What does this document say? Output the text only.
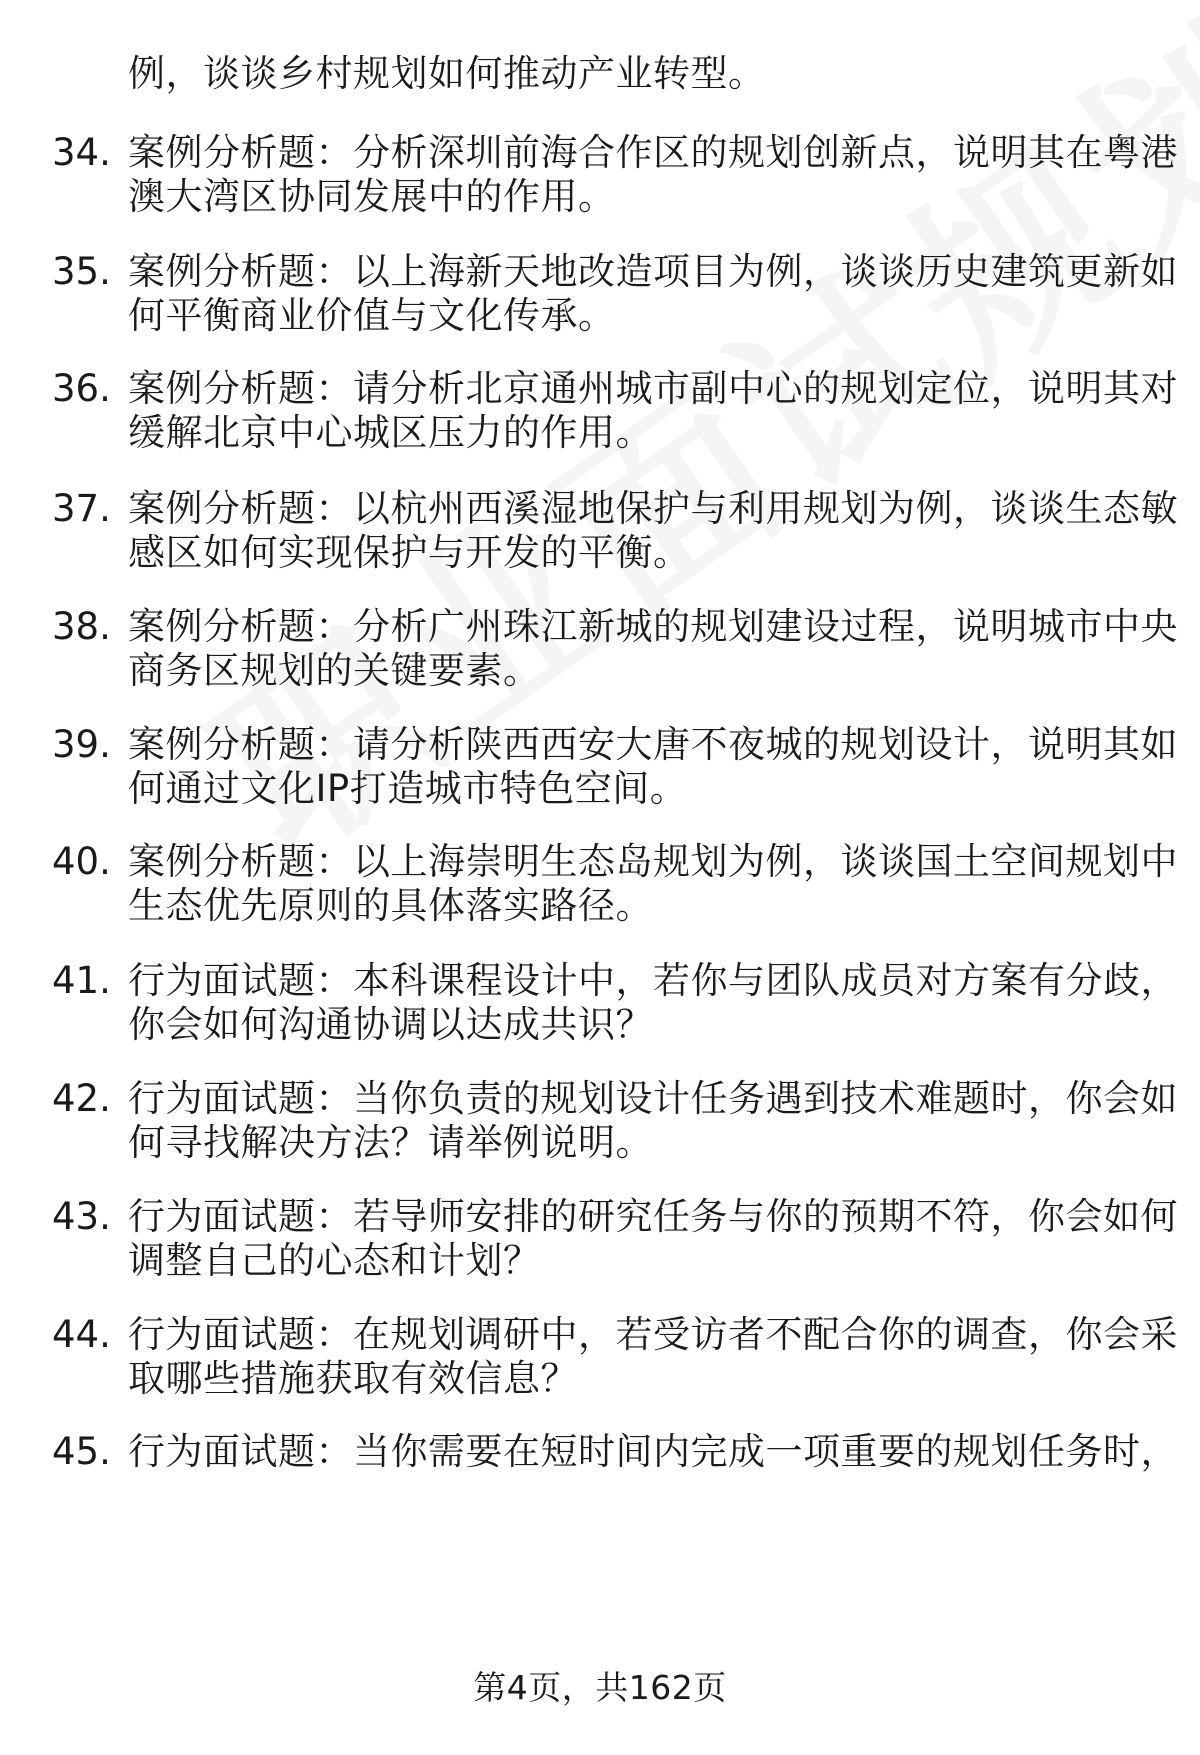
例，谈谈乡村规划如何推动产业转型。
34. 案例分析题：分析深圳前海合作区的规划创新点，说明其在粤港
澳大湾区协同发展中的作用。
35. 案例分析题：以上海新天地改造项目为例，谈谈历史建筑更新如
何平衡商业价值与文化传承。
36. 案例分析题：请分析北京通州城市副中心的规划定位，说明其对
缓解北京中心城区压力的作用。
37. 案例分析题：以杭州西溪湿地保护与利用规划为例，谈谈生态敏
感区如何实现保护与开发的平衡。
38. 案例分析题：分析广州珠江新城的规划建设过程，说明城市中央
商务区规划的关键要素。
39. 案例分析题：请分析陕西西安大唐不夜城的规划设计，说明其如
何通过文化IP打造城市特色空间。
40. 案例分析题：以上海崇明生态岛规划为例，谈谈国土空间规划中
生态优先原则的具体落实路径。
41. 行为面试题：本科课程设计中，若你与团队成员对方案有分歧，
你会如何沟通协调以达成共识？
42. 行为面试题：当你负责的规划设计任务遇到技术难题时，你会如
何寻找解决方法？请举例说明。
43. 行为面试题：若导师安排的研究任务与你的预期不符，你会如何
调整自己的心态和计划？
44. 行为面试题：在规划调研中，若受访者不配合你的调查，你会采
取哪些措施获取有效信息？
45. 行为面试题：当你需要在短时间内完成一项重要的规划任务时，
第4页，共162页
